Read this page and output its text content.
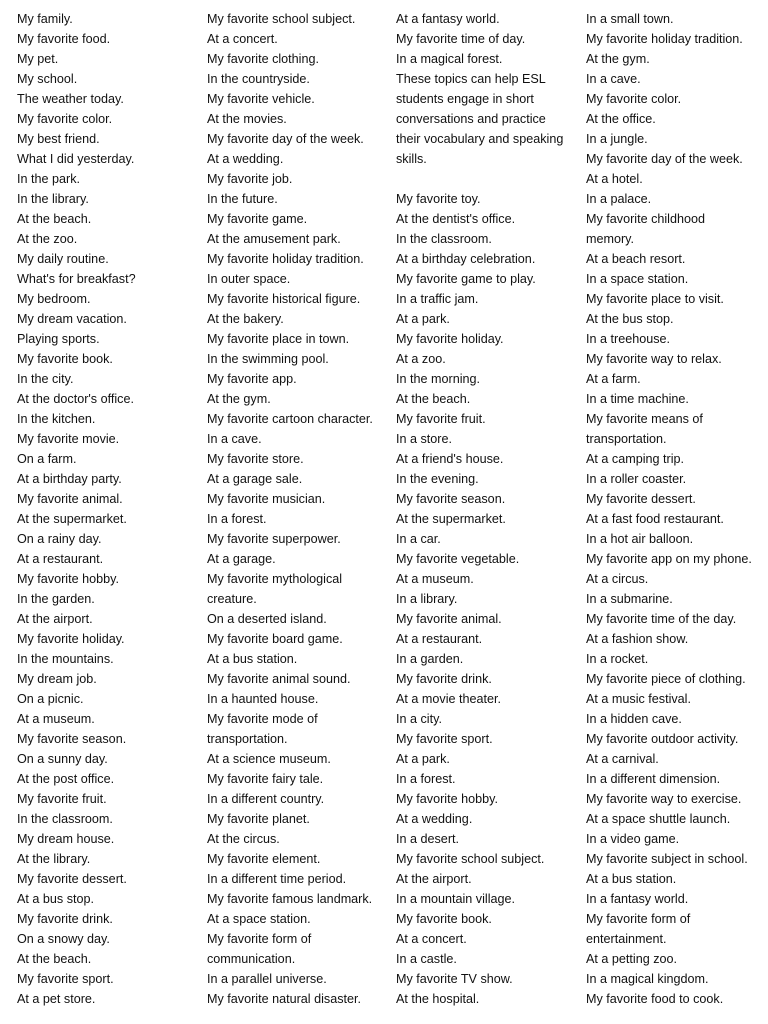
My family.
My favorite food.
My pet.
My school.
The weather today.
My favorite color.
My best friend.
What I did yesterday.
In the park.
In the library.
At the beach.
At the zoo.
My daily routine.
What's for breakfast?
My bedroom.
My dream vacation.
Playing sports.
My favorite book.
In the city.
At the doctor's office.
In the kitchen.
My favorite movie.
On a farm.
At a birthday party.
My favorite animal.
At the supermarket.
On a rainy day.
At a restaurant.
My favorite hobby.
In the garden.
At the airport.
My favorite holiday.
In the mountains.
My dream job.
On a picnic.
At a museum.
My favorite season.
On a sunny day.
At the post office.
My favorite fruit.
In the classroom.
My dream house.
At the library.
My favorite dessert.
At a bus stop.
My favorite drink.
On a snowy day.
At the beach.
My favorite sport.
At a pet store.
My favorite school subject.
At a concert.
My favorite clothing.
In the countryside.
My favorite vehicle.
At the movies.
My favorite day of the week.
At a wedding.
My favorite job.
In the future.
My favorite game.
At the amusement park.
My favorite holiday tradition.
In outer space.
My favorite historical figure.
At the bakery.
My favorite place in town.
In the swimming pool.
My favorite app.
At the gym.
My favorite cartoon character.
In a cave.
My favorite store.
At a garage sale.
My favorite musician.
In a forest.
My favorite superpower.
At a garage.
My favorite mythological
creature.
On a deserted island.
My favorite board game.
At a bus station.
My favorite animal sound.
In a haunted house.
My favorite mode of
transportation.
At a science museum.
My favorite fairy tale.
In a different country.
My favorite planet.
At the circus.
My favorite element.
In a different time period.
My favorite famous landmark.
At a space station.
My favorite form of
communication.
In a parallel universe.
My favorite natural disaster.
At a fantasy world.
My favorite time of day.
In a magical forest.
These topics can help ESL
students engage in short
conversations and practice
their vocabulary and speaking
skills.
My favorite toy.
At the dentist's office.
In the classroom.
At a birthday celebration.
My favorite game to play.
In a traffic jam.
At a park.
My favorite holiday.
At a zoo.
In the morning.
At the beach.
My favorite fruit.
In a store.
At a friend's house.
In the evening.
My favorite season.
At the supermarket.
In a car.
My favorite vegetable.
At a museum.
In a library.
My favorite animal.
At a restaurant.
In a garden.
My favorite drink.
At a movie theater.
In a city.
My favorite sport.
At a park.
In a forest.
My favorite hobby.
At a wedding.
In a desert.
My favorite school subject.
At the airport.
In a mountain village.
My favorite book.
At a concert.
In a castle.
My favorite TV show.
At the hospital.
In a small town.
My favorite holiday tradition.
At the gym.
In a cave.
My favorite color.
At the office.
In a jungle.
My favorite day of the week.
At a hotel.
In a palace.
My favorite childhood
memory.
At a beach resort.
In a space station.
My favorite place to visit.
At the bus stop.
In a treehouse.
My favorite way to relax.
At a farm.
In a time machine.
My favorite means of
transportation.
At a camping trip.
In a roller coaster.
My favorite dessert.
At a fast food restaurant.
In a hot air balloon.
My favorite app on my phone.
At a circus.
In a submarine.
My favorite time of the day.
At a fashion show.
In a rocket.
My favorite piece of clothing.
At a music festival.
In a hidden cave.
My favorite outdoor activity.
At a carnival.
In a different dimension.
My favorite way to exercise.
At a space shuttle launch.
In a video game.
My favorite subject in school.
At a bus station.
In a fantasy world.
My favorite form of
entertainment.
At a petting zoo.
In a magical kingdom.
My favorite food to cook.
